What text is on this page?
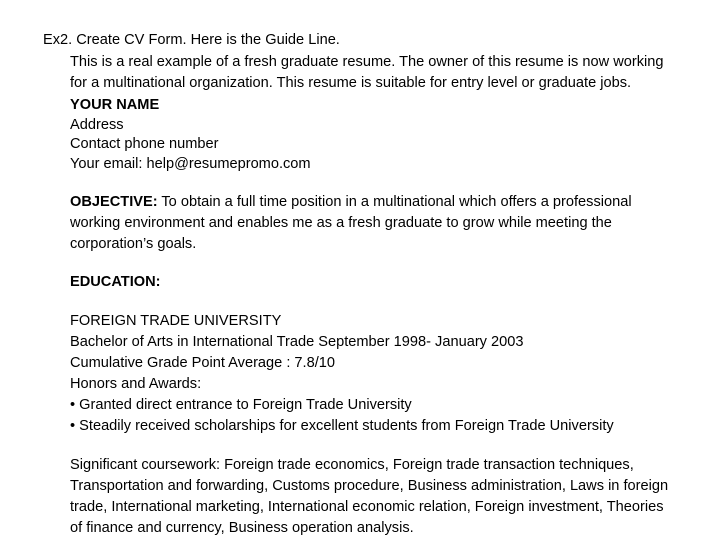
Ex2. Create CV Form. Here is the Guide Line.
This is a real example of a fresh graduate resume. The owner of this resume is now working
for a multinational organization. This resume is suitable for entry level or graduate jobs.
YOUR NAME
Address
Contact phone number
Your email: help@resumepromo.com
OBJECTIVE: To obtain a full time position in a multinational which offers a professional
working environment and enables me as a fresh graduate to grow while meeting the
corporation’s goals.
EDUCATION:
FOREIGN TRADE UNIVERSITY
Bachelor of Arts in International Trade September 1998- January 2003
Cumulative Grade Point Average : 7.8/10
Honors and Awards:
• Granted direct entrance to Foreign Trade University
• Steadily received scholarships for excellent students from Foreign Trade University
Significant coursework: Foreign trade economics, Foreign trade transaction techniques,
Transportation and forwarding, Customs procedure, Business administration, Laws in foreign
trade, International marketing, International economic relation, Foreign investment, Theories
of finance and currency, Business operation analysis.
